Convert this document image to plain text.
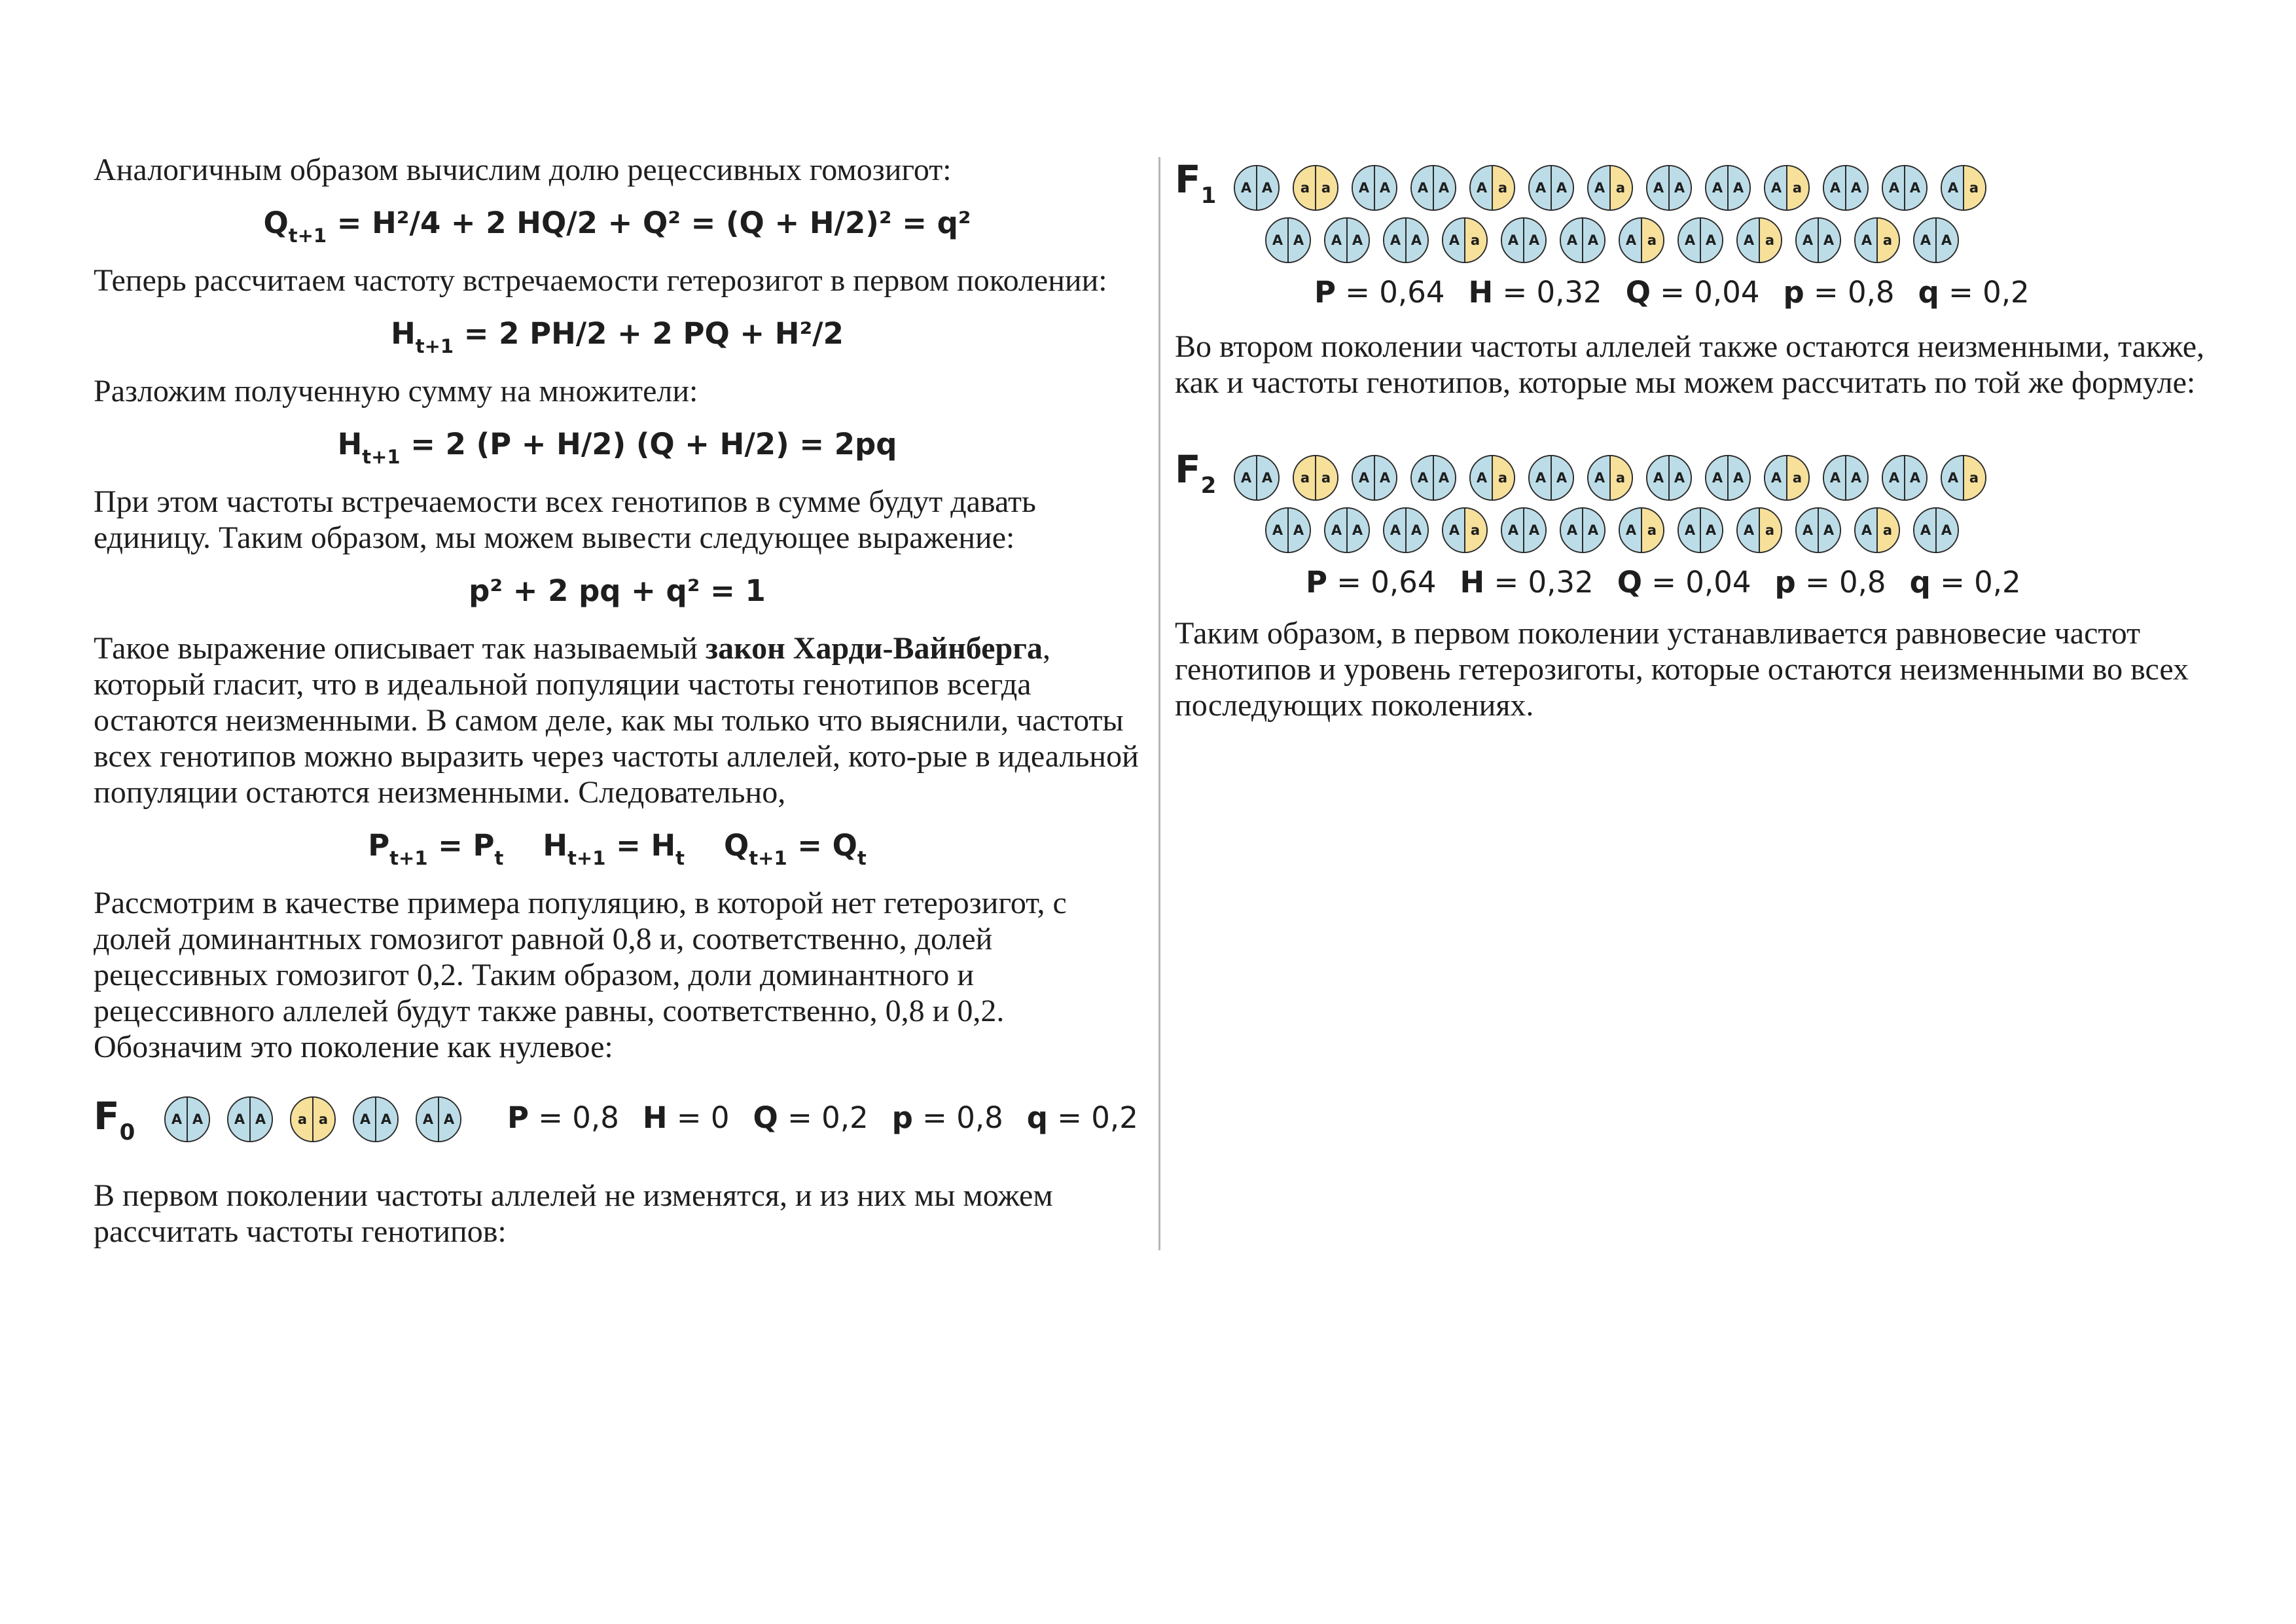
Аналогичным образом вычислим долю рецессивных гомозигот:

$Q_{t+1} = H^2/4 + 2$ HQ/2 + Q² = (Q + H/2)² = q²

Теперь рассчитаем частоту встречаемости гетерозигот в первом поколении:

$H_{t+1} = 2$ PH/2 + 2 PQ + H²/2

Разложим полученную сумму на множители:

$H_{t+1} = 2$ (P + H/2) (Q + H/2) = 2pq

При этом частоты встречаемости всех генотипов в сумме будут давать единицу. Таким образом, мы можем вывести следующее выражение:

p² + 2 pq + q² = 1

Такое выражение описывает так называемый закон Харди-Вайнберга, который гласит, что в идеальной популяции частоты генотипов всегда остаются неизменными. В самом деле, как мы только что выяснили, частоты всех генотипов можно выразить через частоты аллелей, кото-рые в идеальной популяции остаются неизменными. Следовательно,

$P_{t+1} = P_t$ $H_{t+1} = H_t$ $Q_{t+1} = Q_t$

Рассмотрим в качестве примера популяцию, в которой нет гетерозигот, с долей доминантных гомозигот равной 0,8 и, соответственно, долей рецессивных гомозигот 0,2. Таким образом, доли доминантного и рецессивного аллелей будут также равны, соответственно, 0,8 и 0,2. Обозначим это поколение как нулевое:

$F_0$	A A	A A	a a	A A	A A P = 0,8 H = 0 Q = 0,2 p = 0,8 q = 0,2

В первом поколении частоты аллелей не изменятся, и из них мы можем рассчитать частоты генотипов:

$F_1$	A A	a a	A A	A A	A a	A A	A a	A A	A A	A a	A A	A A	A a
A A	A A	A A	A a	A A	A A	A a	A A	A a	A A	A a	A A
P = 0,64 H = 0,32 Q = 0,04 p = 0,8 q = 0,2

Во втором поколении частоты аллелей также остаются неизменными, также, как и частоты генотипов, которые мы можем рассчитать по той же формуле:

$F_2$	A A	a a	A A	A A	A a	A A	A a	A A	A A	A a	A A	A A	A a
A A	A A	A A	A a	A A	A A	A a	A A	A a	A A	A a	A A
P = 0,64 H = 0,32 Q = 0,04 p = 0,8 q = 0,2

Таким образом, в первом поколении устанавливается равновесие частот генотипов и уровень гетерозиготы, которые остаются неизменными во всех последующих поколениях.
